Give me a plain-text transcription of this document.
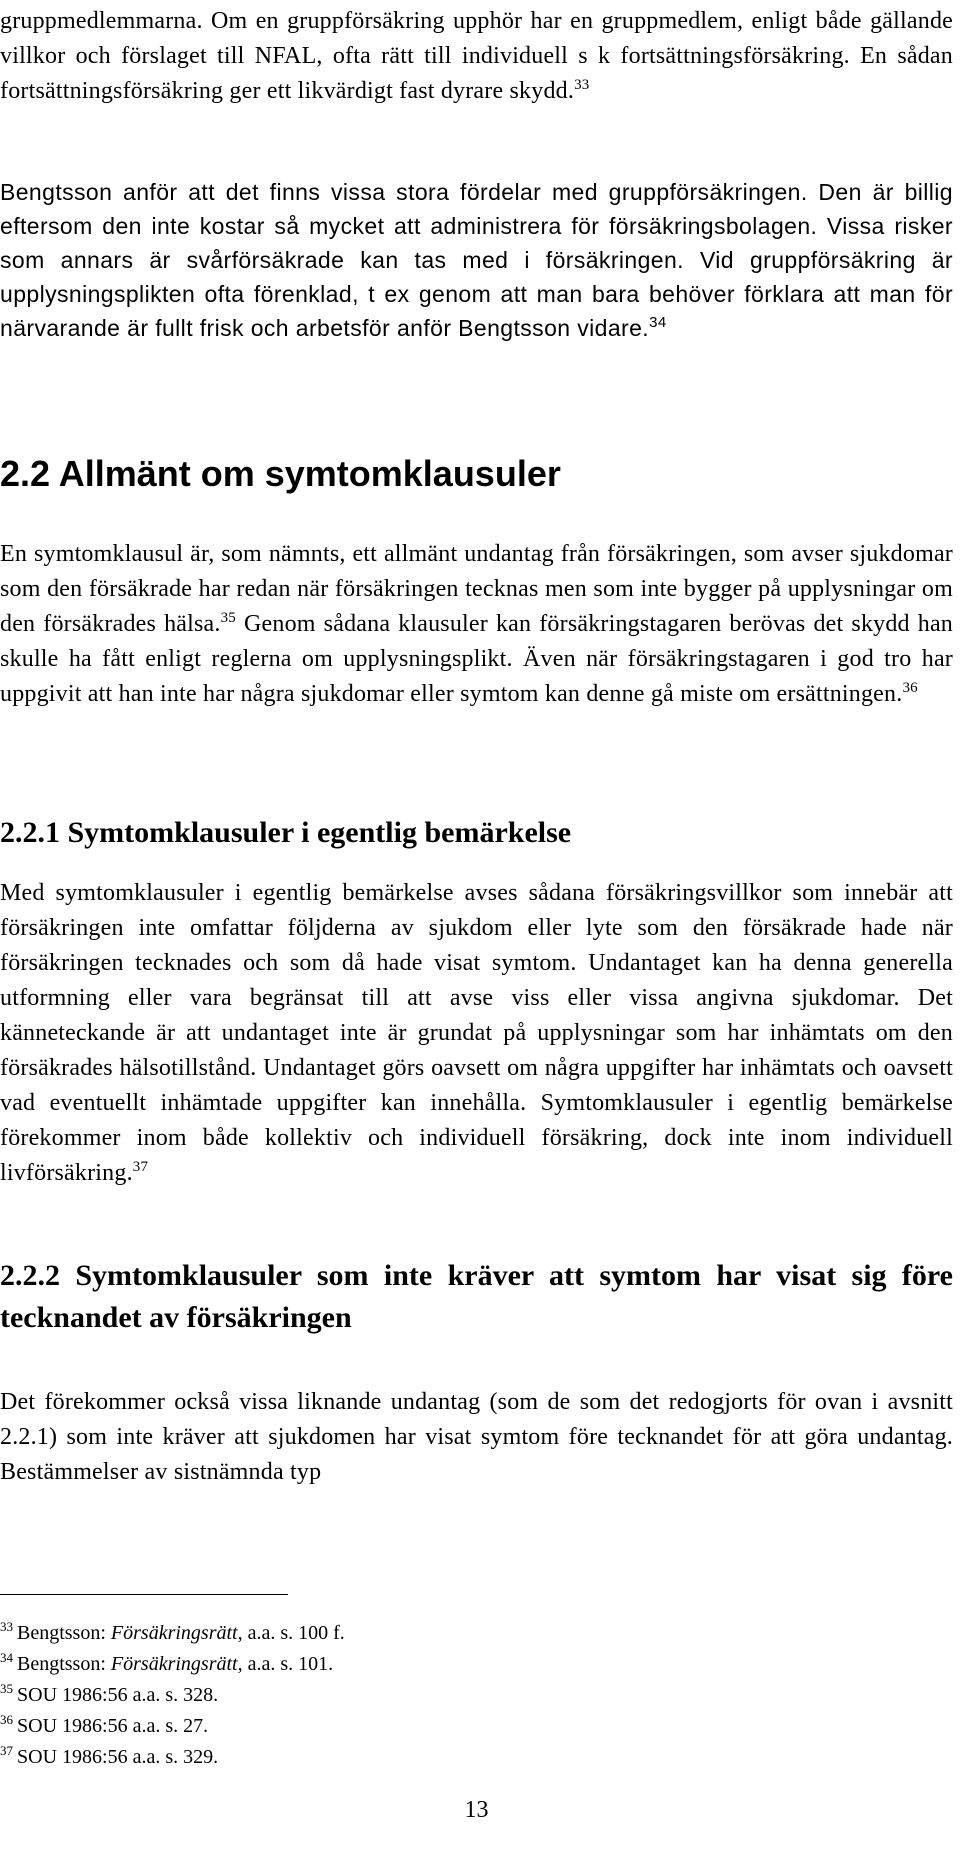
gruppmedlemmarna. Om en gruppförsäkring upphör har en gruppmedlem, enligt både gällande villkor och förslaget till NFAL, ofta rätt till individuell s k fortsättningsförsäkring. En sådan fortsättningsförsäkring ger ett likvärdigt fast dyrare skydd.$^{33}$

Bengtsson anför att det finns vissa stora fördelar med gruppförsäkringen. Den är billig eftersom den inte kostar så mycket att administrera för försäkringsbolagen. Vissa risker som annars är svårförsäkrade kan tas med i försäkringen. Vid gruppförsäkring är upplysningsplikten ofta förenklad, t ex genom att man bara behöver förklara att man för närvarande är fullt frisk och arbetsför anför Bengtsson vidare.$^{34}$

2.2 Allmänt om symtomklausuler

En symtomklausul är, som nämnts, ett allmänt undantag från försäkringen, som avser sjukdomar som den försäkrade har redan när försäkringen tecknas men som inte bygger på upplysningar om den försäkrades hälsa.$^{35}$ Genom sådana klausuler kan försäkringstagaren berövas det skydd han skulle ha fått enligt reglerna om upplysningsplikt. Även när försäkringstagaren i god tro har uppgivit att han inte har några sjukdomar eller symtom kan denne gå miste om ersättningen.$^{36}$

2.2.1 Symtomklausuler i egentlig bemärkelse

Med symtomklausuler i egentlig bemärkelse avses sådana försäkringsvillkor som innebär att försäkringen inte omfattar följderna av sjukdom eller lyte som den försäkrade hade när försäkringen tecknades och som då hade visat symtom. Undantaget kan ha denna generella utformning eller vara begränsat till att avse viss eller vissa angivna sjukdomar. Det känneteckande är att undantaget inte är grundat på upplysningar som har inhämtats om den försäkrades hälsotillstånd. Undantaget görs oavsett om några uppgifter har inhämtats och oavsett vad eventuellt inhämtade uppgifter kan innehålla. Symtomklausuler i egentlig bemärkelse förekommer inom både kollektiv och individuell försäkring, dock inte inom individuell livförsäkring.$^{37}$

2.2.2 Symtomklausuler som inte kräver att symtom har visat sig före tecknandet av försäkringen

Det förekommer också vissa liknande undantag (som de som det redogjorts för ovan i avsnitt 2.2.1) som inte kräver att sjukdomen har visat symtom före tecknandet för att göra undantag. Bestämmelser av sistnämnda typ

$^{33}$ Bengtsson: Försäkringsrätt, a.a. s. 100 f.
$^{34}$ Bengtsson: Försäkringsrätt, a.a. s. 101.
$^{35}$ SOU 1986:56 a.a. s. 328.
$^{36}$ SOU 1986:56 a.a. s. 27.
$^{37}$ SOU 1986:56 a.a. s. 329.
13
